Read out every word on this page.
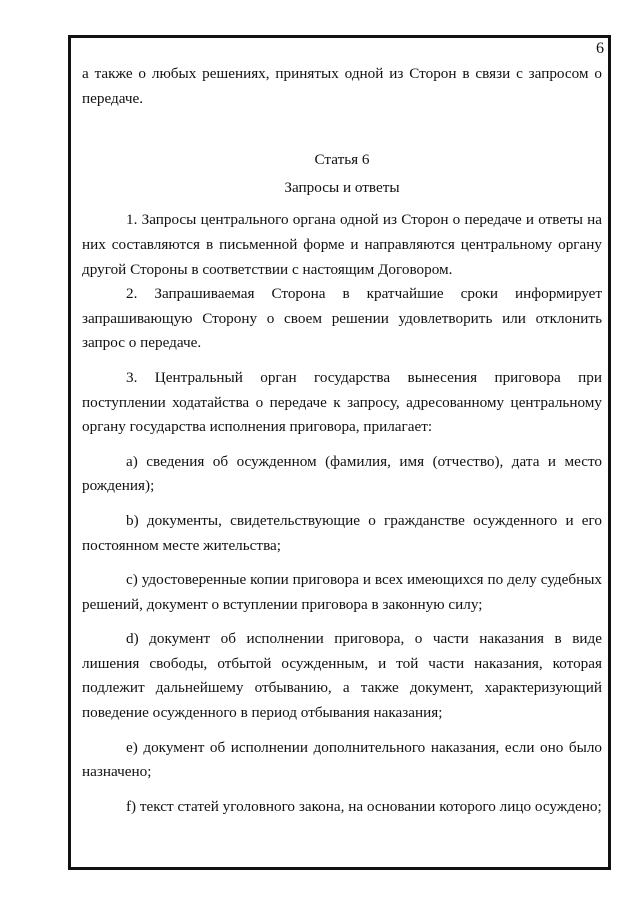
6

а также о любых решениях, принятых одной из Сторон в связи с запросом о передаче.

Статья 6

Запросы и ответы

1. Запросы центрального органа одной из Сторон о передаче и ответы на них составляются в письменной форме и направляются центральному органу другой Стороны в соответствии с настоящим Договором.

2. Запрашиваемая Сторона в кратчайшие сроки информирует запрашивающую Сторону о своем решении удовлетворить или отклонить запрос о передаче.

3. Центральный орган государства вынесения приговора при поступлении ходатайства о передаче к запросу, адресованному центральному органу государства исполнения приговора, прилагает:

a) сведения об осужденном (фамилия, имя (отчество), дата и место рождения);

b) документы, свидетельствующие о гражданстве осужденного и его постоянном месте жительства;

c) удостоверенные копии приговора и всех имеющихся по делу судебных решений, документ о вступлении приговора в законную силу;

d) документ об исполнении приговора, о части наказания в виде лишения свободы, отбытой осужденным, и той части наказания, которая подлежит дальнейшему отбыванию, а также документ, характеризующий поведение осужденного в период отбывания наказания;

e) документ об исполнении дополнительного наказания, если оно было назначено;

f) текст статей уголовного закона, на основании которого лицо осуждено;
